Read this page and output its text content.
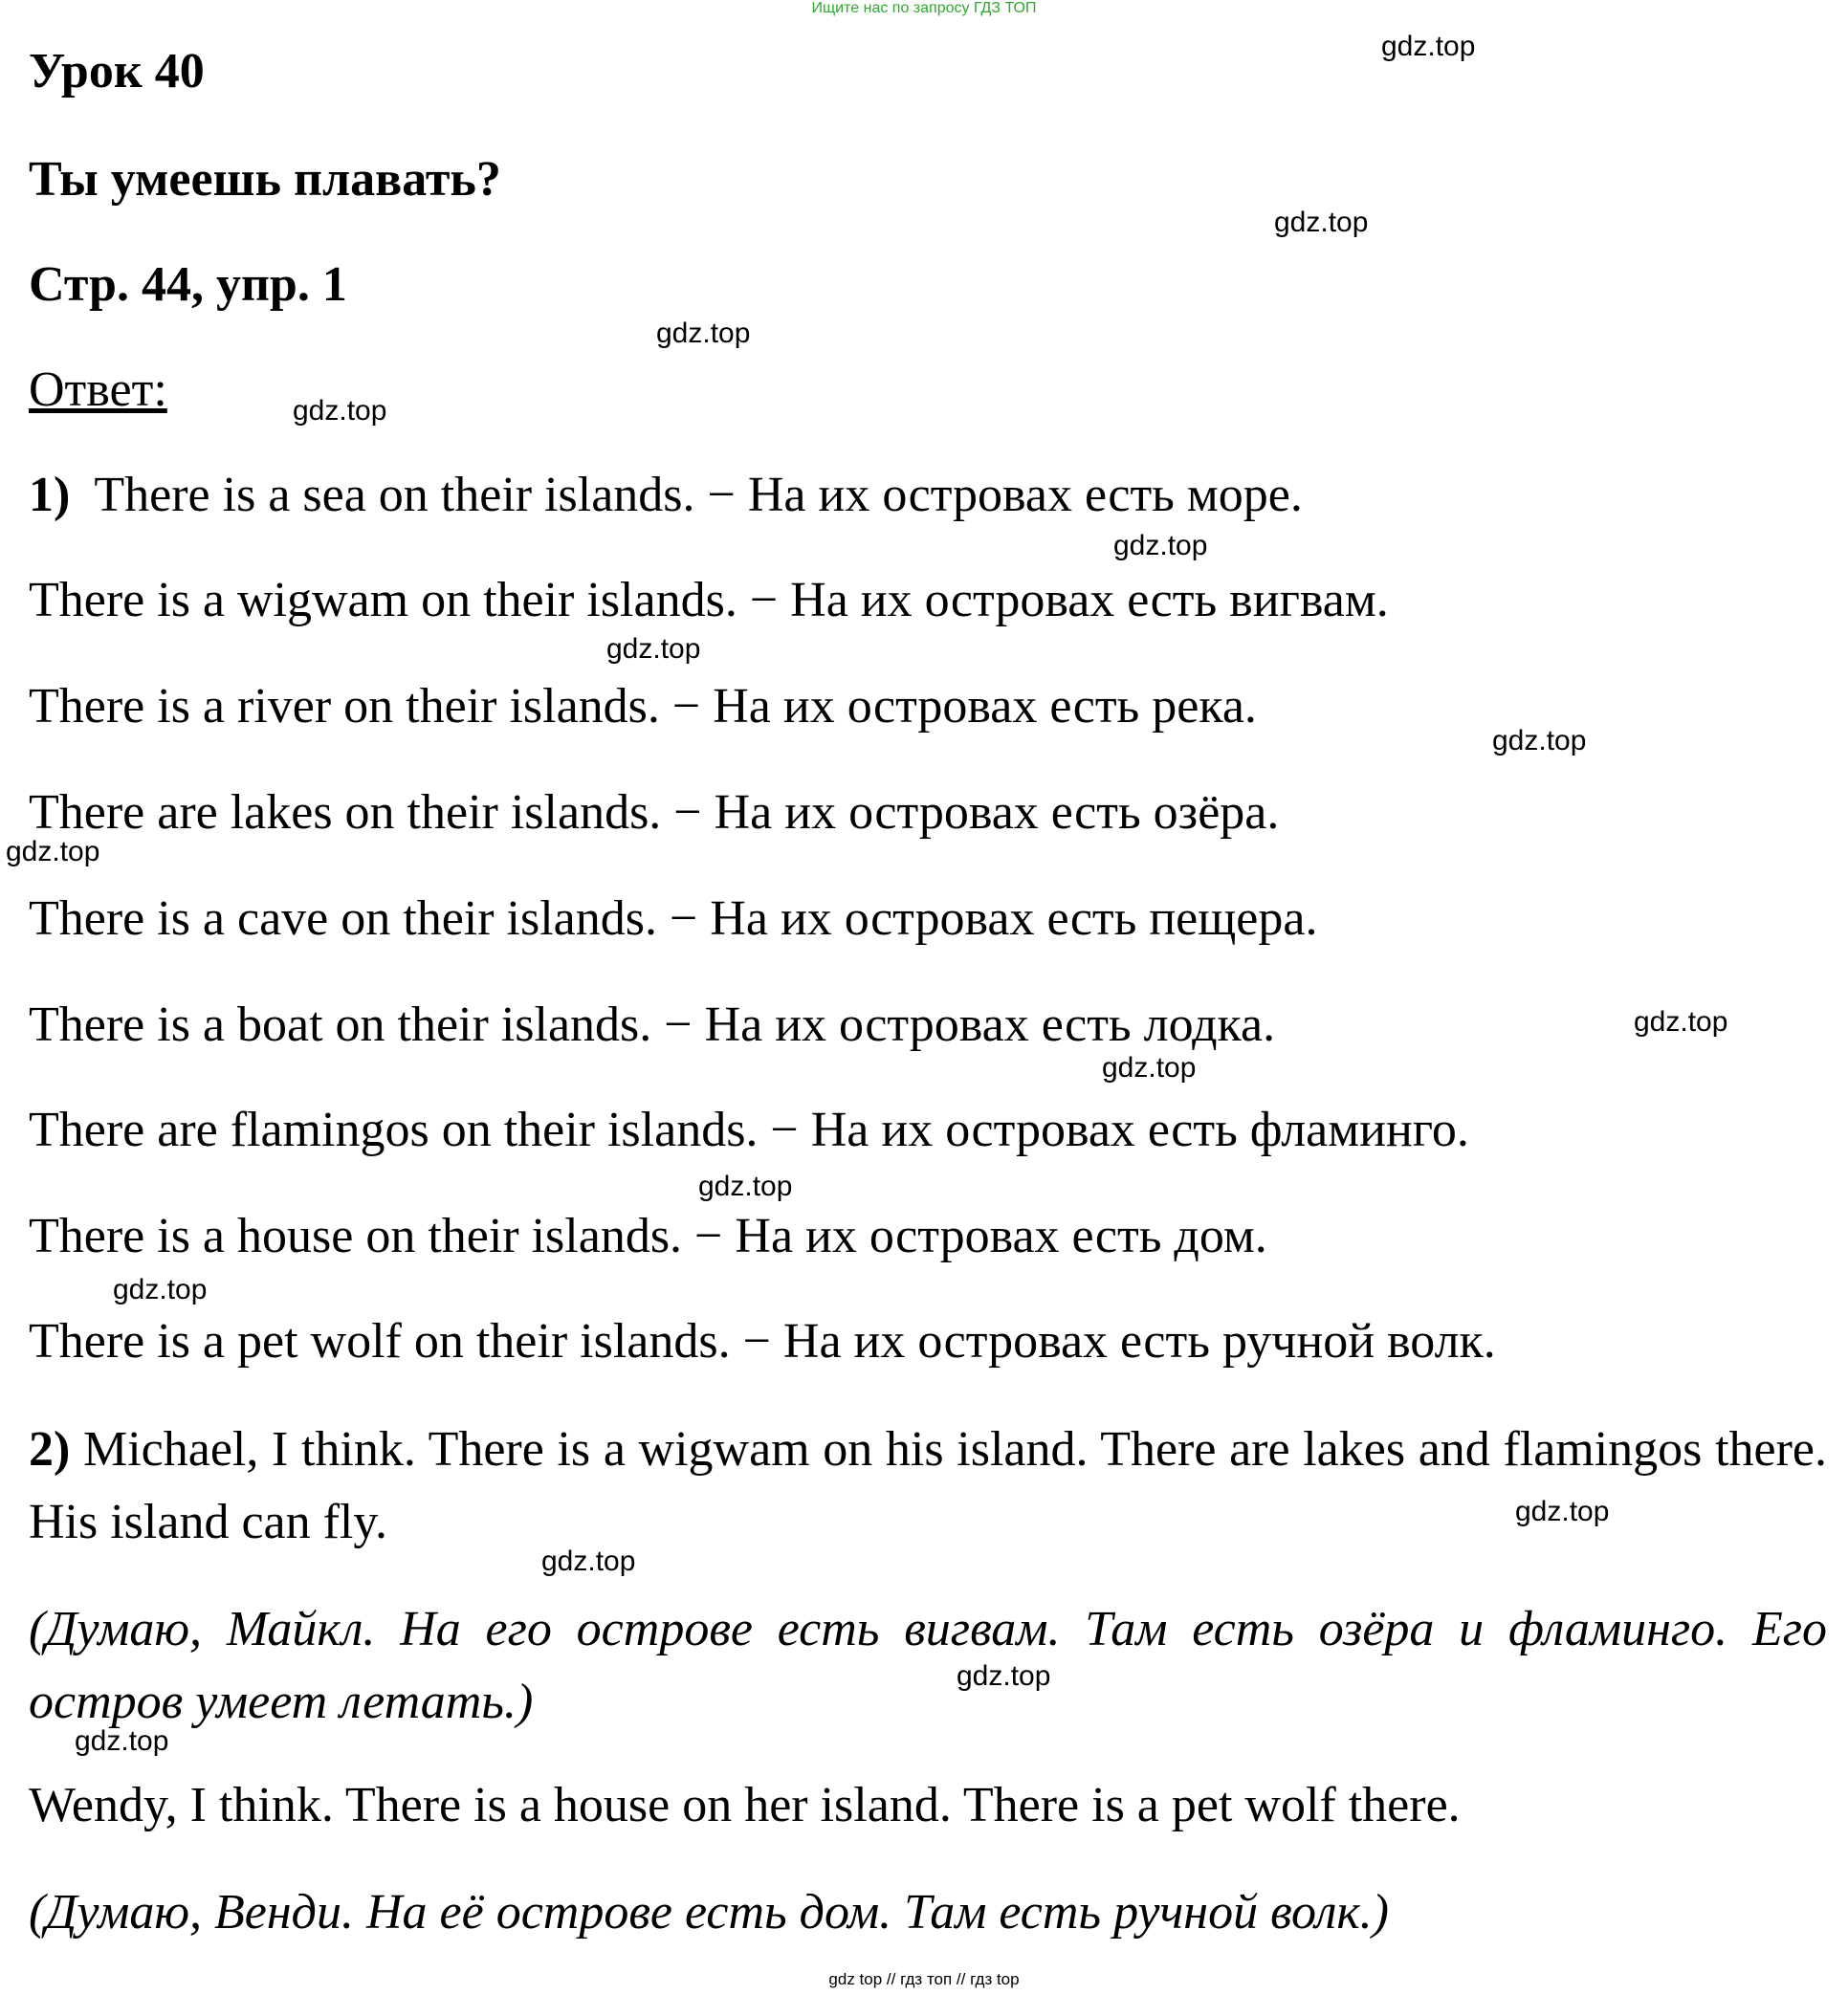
Ищите нас по запросу ГДЗ ТОП
Урок 40
Ты умеешь плавать?
Стр. 44, упр. 1
Ответ:
1) There is a sea on their islands. − На их островах есть море.
There is a wigwam on their islands. − На их островах есть вигвам.
There is a river on their islands. − На их островах есть река.
There are lakes on their islands. − На их островах есть озёра.
There is a cave on their islands. − На их островах есть пещера.
There is a boat on their islands. − На их островах есть лодка.
There are flamingos on their islands. − На их островах есть фламинго.
There is a house on their islands. − На их островах есть дом.
There is a pet wolf on their islands. − На их островах есть ручной волк.
2) Michael, I think. There is a wigwam on his island. There are lakes and flamingos there. His island can fly.
(Думаю, Майкл. На его острове есть вигвам. Там есть озёра и фламинго. Его остров умеет летать.)
Wendy, I think. There is a house on her island. There is a pet wolf there.
(Думаю, Венди. На её острове есть дом. Там есть ручной волк.)
gdz.top
gdz.top
gdz.top
gdz.top
gdz.top
gdz.top
gdz.top
gdz.top
gdz.top
gdz.top
gdz.top
gdz.top
gdz.top
gdz.top
gdz.top
gdz.top
gdz top // гдз топ // гдз top
